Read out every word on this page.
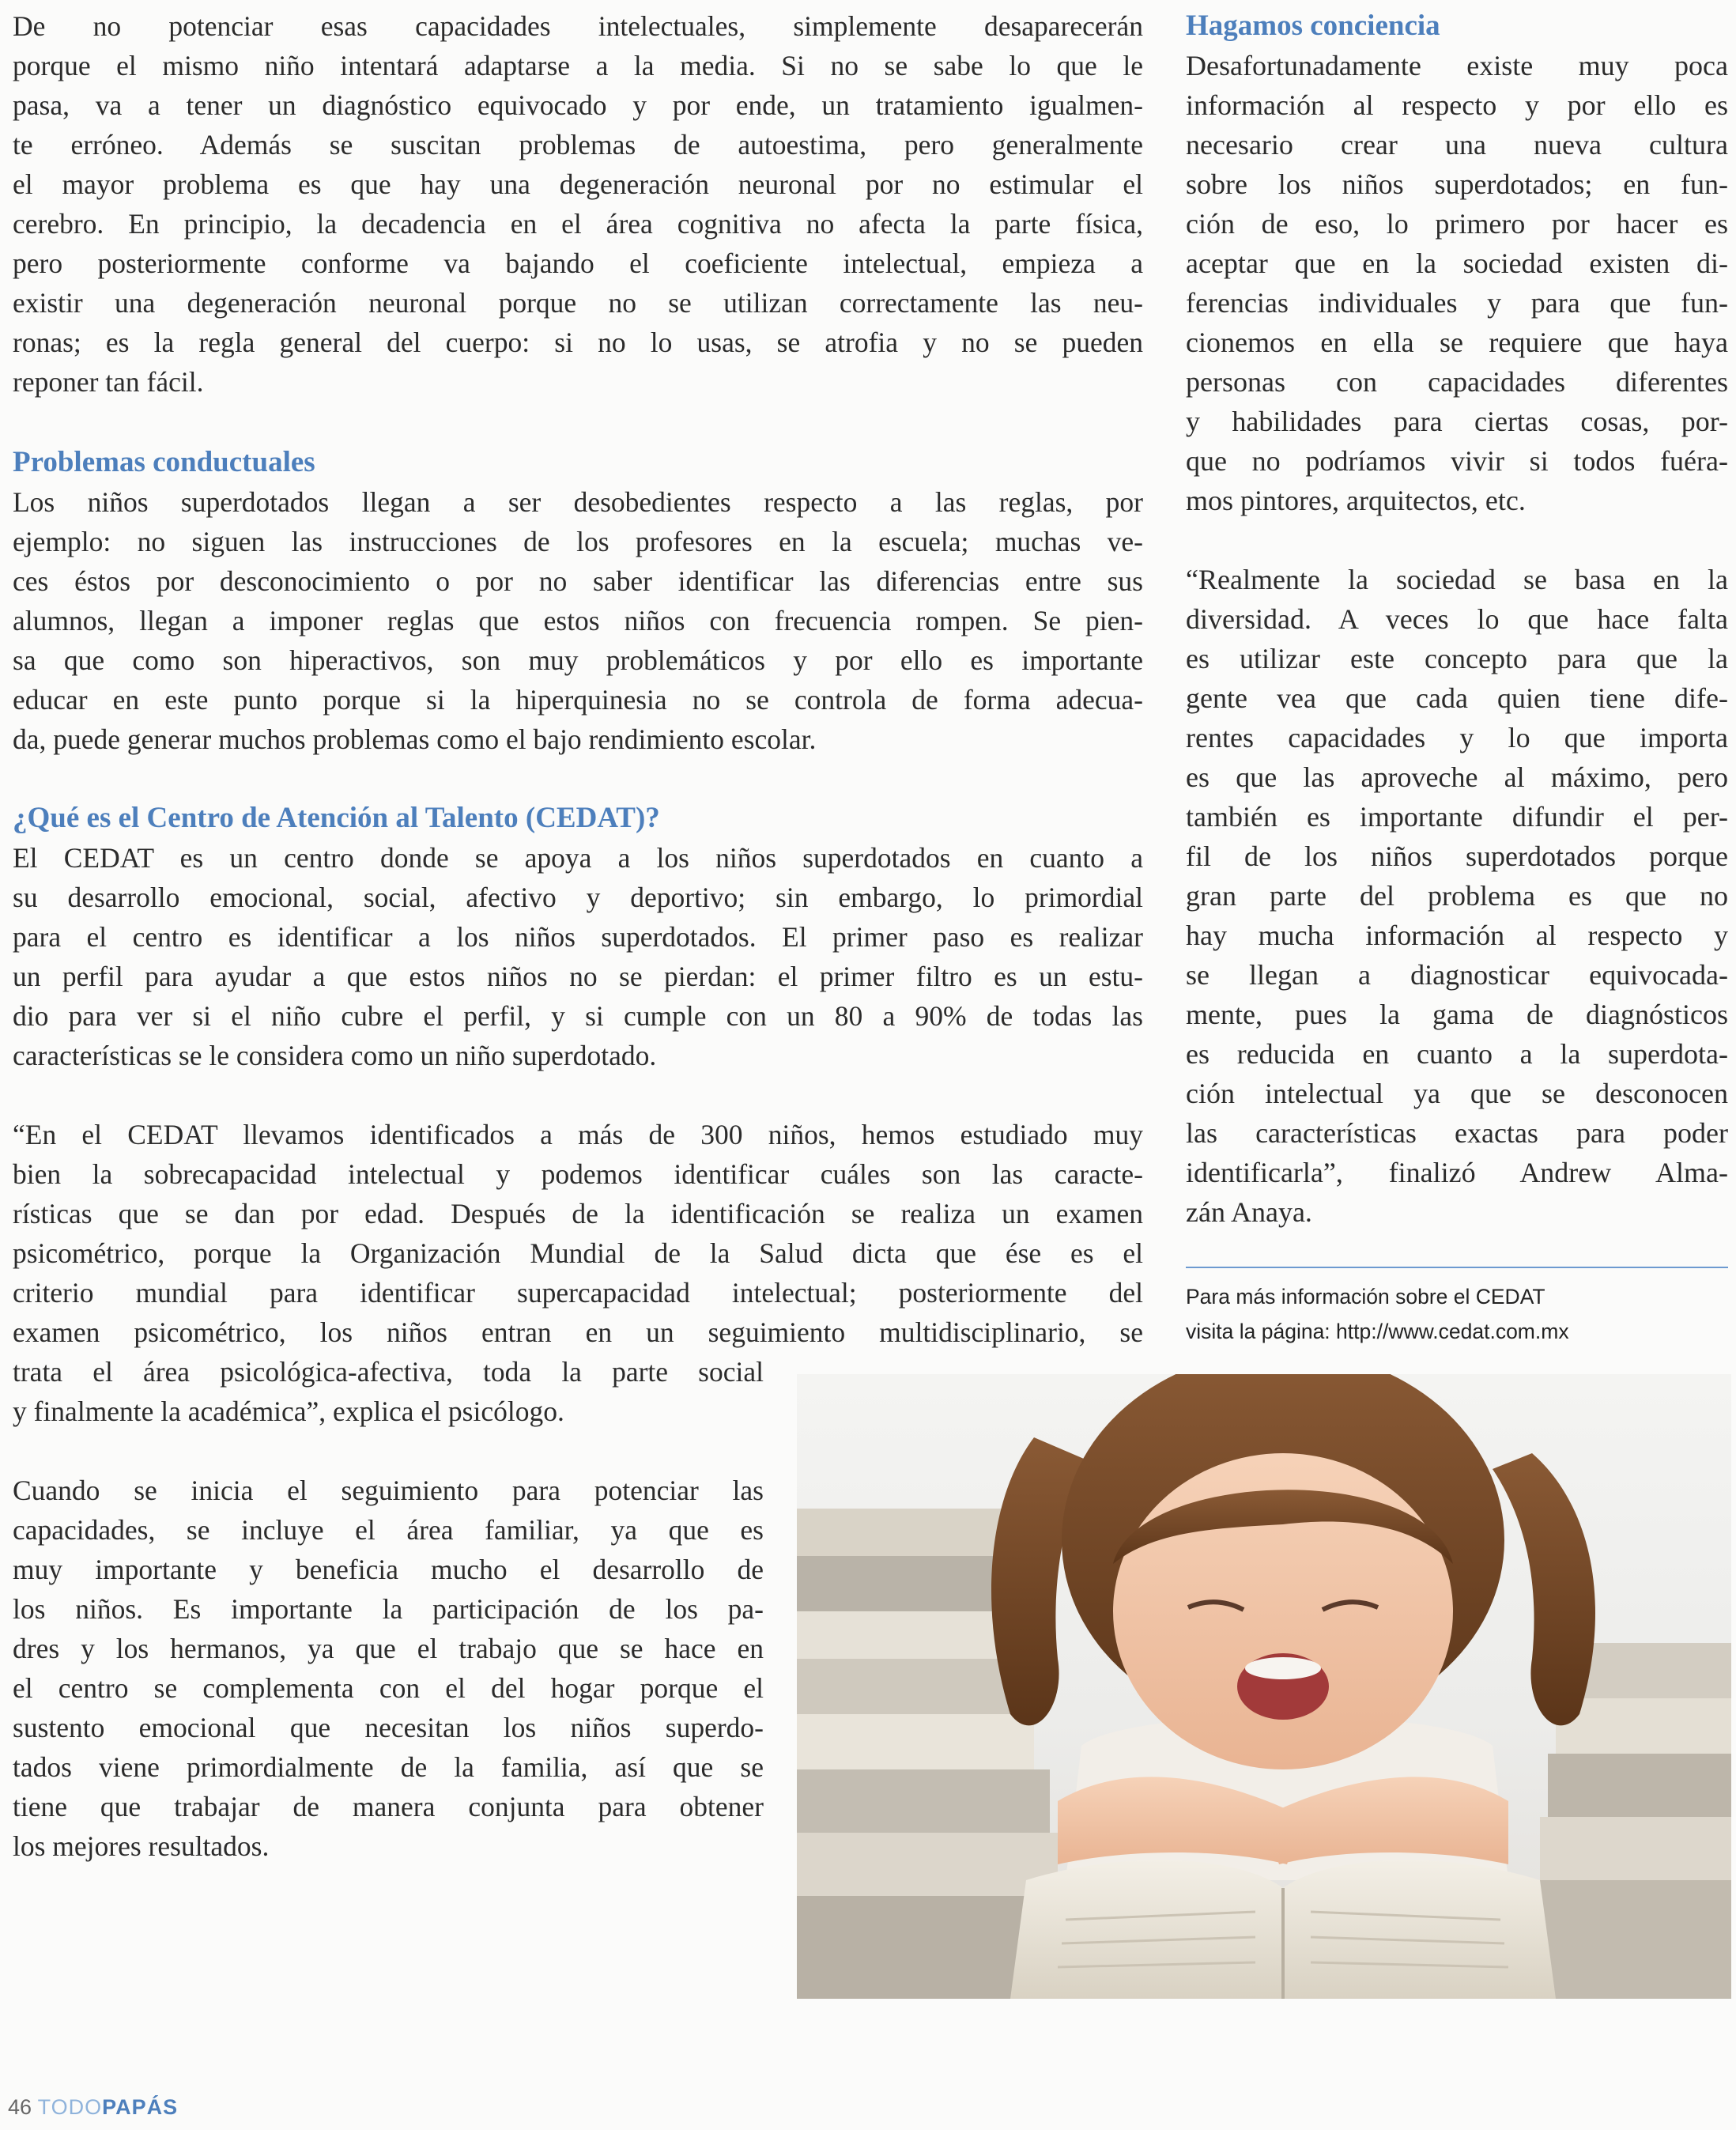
De no potenciar esas capacidades intelectuales, simplemente desaparecerán
porque el mismo niño intentará adaptarse a la media. Si no se sabe lo que le
pasa, va a tener un diagnóstico equivocado y por ende, un tratamiento igualmen-
te erróneo. Además se suscitan problemas de autoestima, pero generalmente
el mayor problema es que hay una degeneración neuronal por no estimular el
cerebro. En principio, la decadencia en el área cognitiva no afecta la parte física,
pero posteriormente conforme va bajando el coeficiente intelectual, empieza a
existir una degeneración neuronal porque no se utilizan correctamente las neu-
ronas; es la regla general del cuerpo: si no lo usas, se atrofia y no se pueden
reponer tan fácil.
Problemas conductuales
Los niños superdotados llegan a ser desobedientes respecto a las reglas, por
ejemplo: no siguen las instrucciones de los profesores en la escuela; muchas ve-
ces éstos por desconocimiento o por no saber identificar las diferencias entre sus
alumnos, llegan a imponer reglas que estos niños con frecuencia rompen. Se pien-
sa que como son hiperactivos, son muy problemáticos y por ello es importante
educar en este punto porque si la hiperquinesia no se controla de forma adecua-
da, puede generar muchos problemas como el bajo rendimiento escolar.
¿Qué es el Centro de Atención al Talento (CEDAT)?
El CEDAT es un centro donde se apoya a los niños superdotados en cuanto a
su desarrollo emocional, social, afectivo y deportivo; sin embargo, lo primordial
para el centro es identificar a los niños superdotados. El primer paso es realizar
un perfil para ayudar a que estos niños no se pierdan: el primer filtro es un estu-
dio para ver si el niño cubre el perfil, y si cumple con un 80 a 90% de todas las
características se le considera como un niño superdotado.
“En el CEDAT llevamos identificados a más de 300 niños, hemos estudiado muy
bien la sobrecapacidad intelectual y podemos identificar cuáles son las caracte-
rísticas que se dan por edad. Después de la identificación se realiza un examen
psicométrico, porque la Organización Mundial de la Salud dicta que ése es el
criterio mundial para identificar supercapacidad intelectual; posteriormente del
examen psicométrico, los niños entran en un seguimiento multidisciplinario, se
trata el área psicológica-afectiva, toda la parte social
y finalmente la académica”, explica el psicólogo.
Cuando se inicia el seguimiento para potenciar las
capacidades, se incluye el área familiar, ya que es
muy importante y beneficia mucho el desarrollo de
los niños. Es importante la participación de los pa-
dres y los hermanos, ya que el trabajo que se hace en
el centro se complementa con el del hogar porque el
sustento emocional que necesitan los niños superdo-
tados viene primordialmente de la familia, así que se
tiene que trabajar de manera conjunta para obtener
los mejores resultados.
Hagamos conciencia
Desafortunadamente existe muy poca
información al respecto y por ello es
necesario crear una nueva cultura
sobre los niños superdotados; en fun-
ción de eso, lo primero por hacer es
aceptar que en la sociedad existen di-
ferencias individuales y para que fun-
cionemos en ella se requiere que haya
personas con capacidades diferentes
y habilidades para ciertas cosas, por-
que no podríamos vivir si todos fuéra-
mos pintores, arquitectos, etc.
“Realmente la sociedad se basa en la
diversidad. A veces lo que hace falta
es utilizar este concepto para que la
gente vea que cada quien tiene dife-
rentes capacidades y lo que importa
es que las aproveche al máximo, pero
también es importante difundir el per-
fil de los niños superdotados porque
gran parte del problema es que no
hay mucha información al respecto y
se llegan a diagnosticar equivocada-
mente, pues la gama de diagnósticos
es reducida en cuanto a la superdota-
ción intelectual ya que se desconocen
las características exactas para poder
identificarla”, finalizó Andrew Alma-
zán Anaya.
Para más información sobre el CEDAT
visita la página: http://www.cedat.com.mx
46 TODOPAPÁS
